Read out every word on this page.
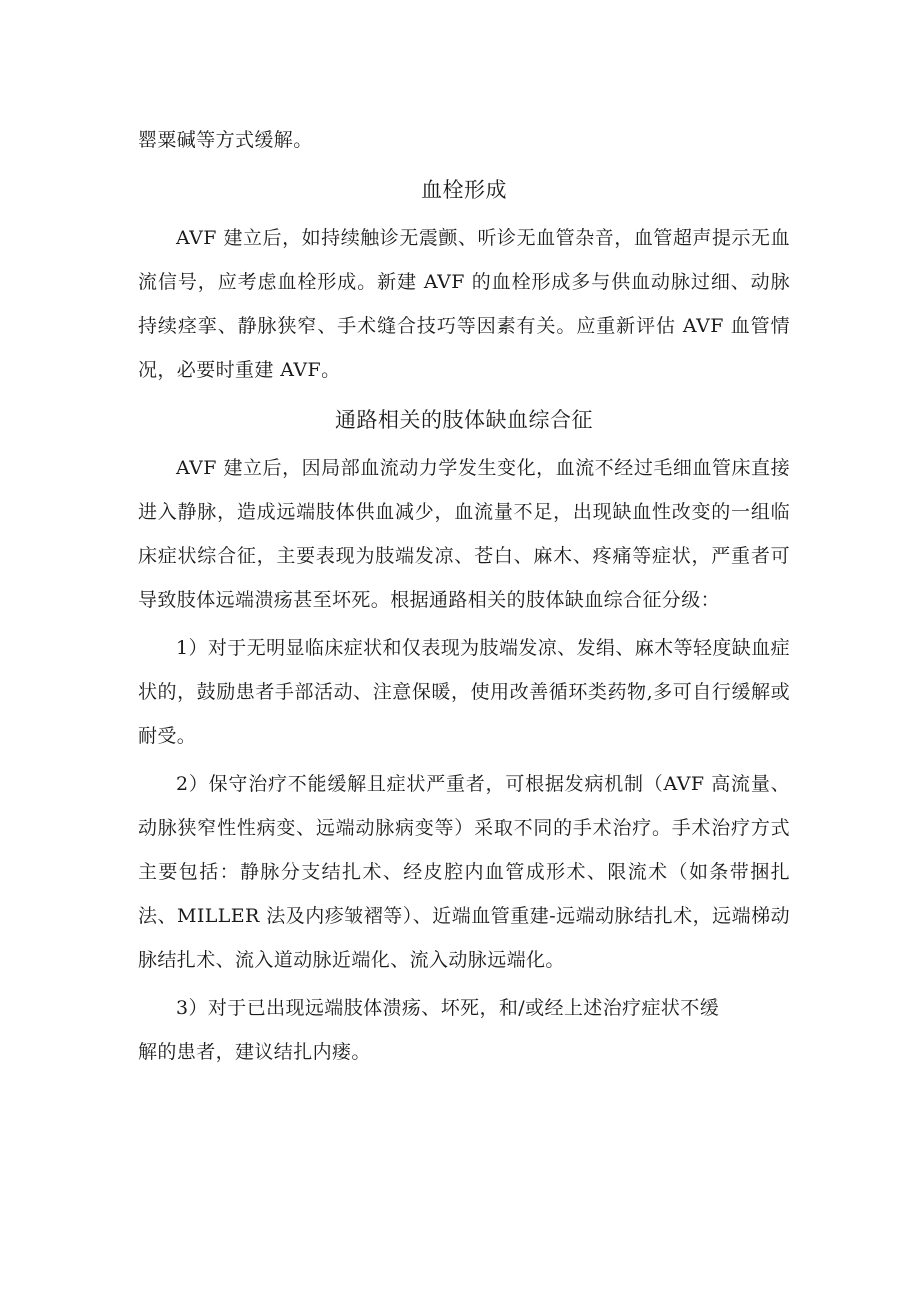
罂粟碱等方式缓解。

血栓形成

AVF 建立后，如持续触诊无震颤、听诊无血管杂音，血管超声提示无血流信号，应考虑血栓形成。新建 AVF 的血栓形成多与供血动脉过细、动脉持续痉挛、静脉狭窄、手术缝合技巧等因素有关。应重新评估 AVF 血管情况，必要时重建 AVF。

通路相关的肢体缺血综合征

AVF 建立后，因局部血流动力学发生变化，血流不经过毛细血管床直接进入静脉，造成远端肢体供血减少，血流量不足，出现缺血性改变的一组临床症状综合征，主要表现为肢端发凉、苍白、麻木、疼痛等症状，严重者可导致肢体远端溃疡甚至坏死。根据通路相关的肢体缺血综合征分级：

1）对于无明显临床症状和仅表现为肢端发凉、发绢、麻木等轻度缺血症状的，鼓励患者手部活动、注意保暖，使用改善循环类药物,多可自行缓解或耐受。

2）保守治疗不能缓解且症状严重者，可根据发病机制（AVF 高流量、动脉狭窄性性病变、远端动脉病变等）采取不同的手术治疗。手术治疗方式主要包括：静脉分支结扎术、经皮腔内血管成形术、限流术（如条带捆扎法、MILLER 法及内疹皱褶等）、近端血管重建-远端动脉结扎术，远端梯动脉结扎术、流入道动脉近端化、流入动脉远端化。

3）对于已出现远端肢体溃疡、坏死，和/或经上述治疗症状不缓

解的患者，建议结扎内瘘。
